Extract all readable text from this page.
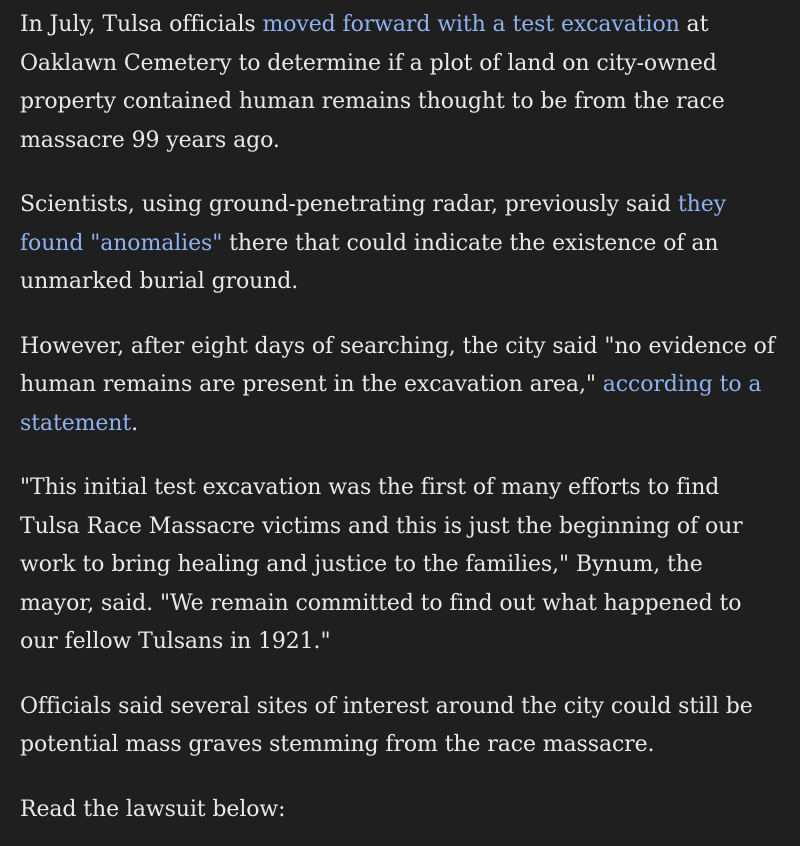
In July, Tulsa officials moved forward with a test excavation at Oaklawn Cemetery to determine if a plot of land on city-owned property contained human remains thought to be from the race massacre 99 years ago.

Scientists, using ground-penetrating radar, previously said they found "anomalies" there that could indicate the existence of an unmarked burial ground.

However, after eight days of searching, the city said "no evidence of human remains are present in the excavation area," according to a statement.

"This initial test excavation was the first of many efforts to find Tulsa Race Massacre victims and this is just the beginning of our work to bring healing and justice to the families," Bynum, the mayor, said. "We remain committed to find out what happened to our fellow Tulsans in 1921."

Officials said several sites of interest around the city could still be potential mass graves stemming from the race massacre.

Read the lawsuit below:
